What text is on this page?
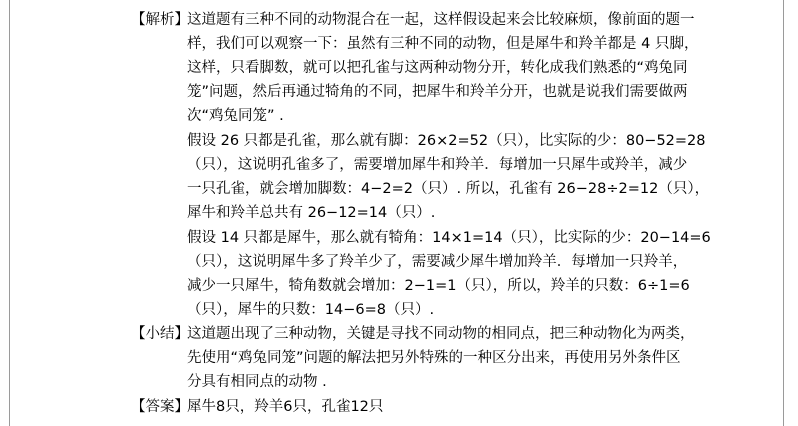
【解析】
这道题有三种不同的动物混合在一起，这样假设起来会比较麻烦，像前面的题一
样，我们可以观察一下：虽然有三种不同的动物，但是犀牛和羚羊都是 4 只脚，
这样，只看脚数，就可以把孔雀与这两种动物分开，转化成我们熟悉的“鸡兔同
笼”问题，然后再通过犄角的不同，把犀牛和羚羊分开，也就是说我们需要做两
次“鸡兔同笼” .
假设 26 只都是孔雀，那么就有脚：26×2=52（只），比实际的少：80−52=28
（只），这说明孔雀多了，需要增加犀牛和羚羊．每增加一只犀牛或羚羊，减少
一只孔雀，就会增加脚数：4−2=2（只）. 所以，孔雀有 26−28÷2=12（只），
犀牛和羚羊总共有 26−12=14（只）.
假设 14 只都是犀牛，那么就有犄角：14×1=14（只），比实际的少：20−14=6
（只），这说明犀牛多了羚羊少了，需要减少犀牛增加羚羊．每增加一只羚羊，
减少一只犀牛，犄角数就会增加：2−1=1（只），所以，羚羊的只数：6÷1=6
（只），犀牛的只数：14−6=8（只）.
【小结】
这道题出现了三种动物，关键是寻找不同动物的相同点，把三种动物化为两类，
先使用“鸡兔同笼”问题的解法把另外特殊的一种区分出来，再使用另外条件区
分具有相同点的动物 .
【答案】
犀牛8只，羚羊6只，孔雀12只
